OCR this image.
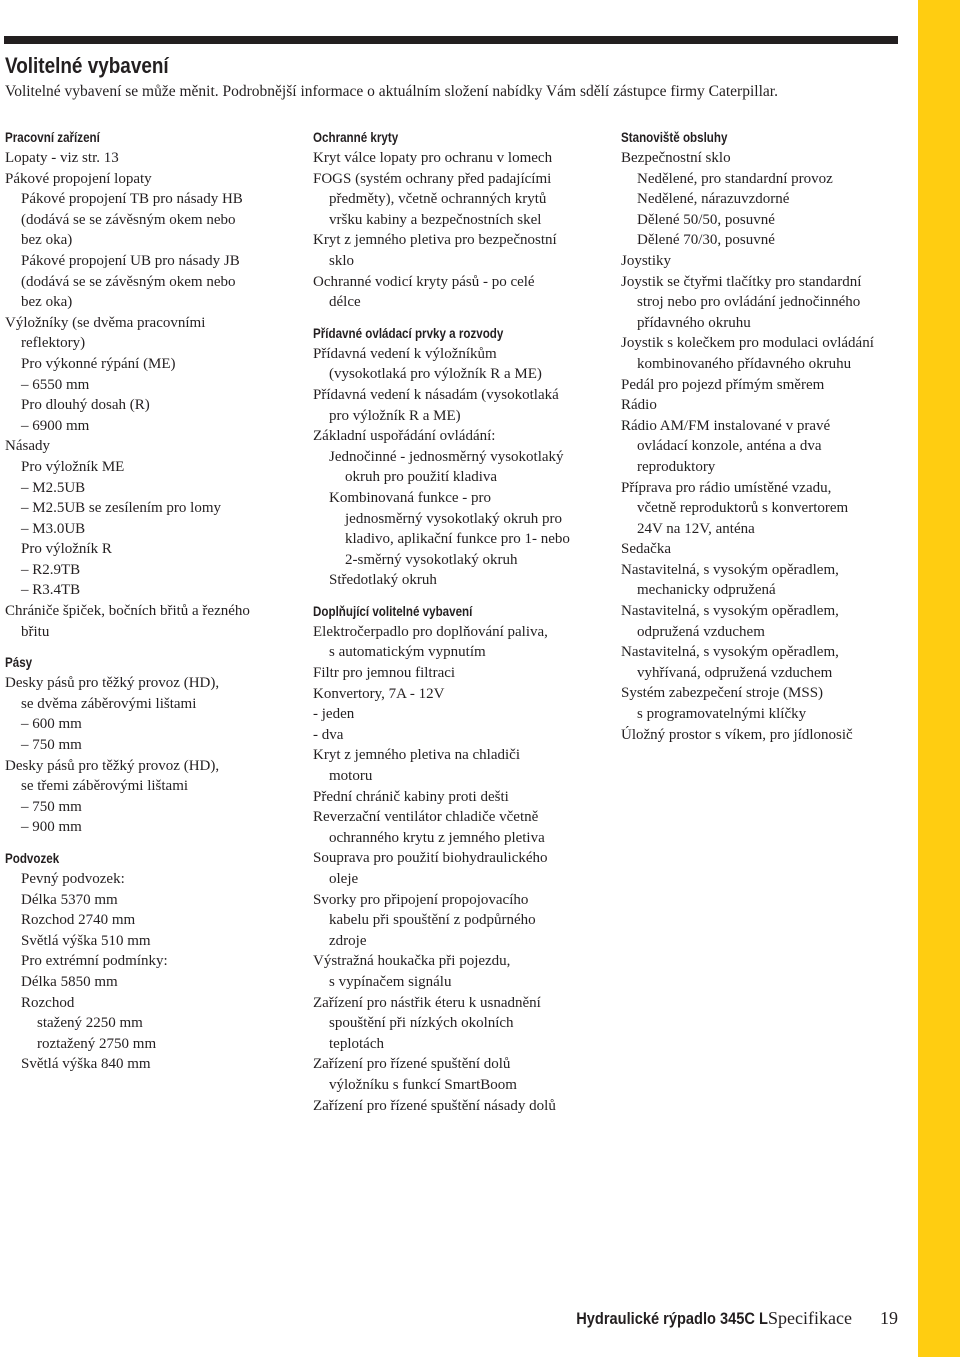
Volitelné vybavení
Volitelné vybavení se může měnit. Podrobnější informace o aktuálním složení nabídky Vám sdělí zástupce firmy Caterpillar.
Pracovní zařízení
Lopaty - viz str. 13
Pákové propojení lopaty
Pákové propojení TB pro násady HB
(dodává se se závěsným okem nebo
bez oka)
Pákové propojení UB pro násady JB
(dodává se se závěsným okem nebo
bez oka)
Výložníky (se dvěma pracovními
reflektory)
Pro výkonné rýpání (ME)
– 6550 mm
Pro dlouhý dosah (R)
– 6900 mm
Násady
Pro výložník ME
– M2.5UB
– M2.5UB se zesílením pro lomy
– M3.0UB
Pro výložník R
– R2.9TB
– R3.4TB
Chrániče špiček, bočních břitů a řezného
břitu
Pásy
Desky pásů pro těžký provoz (HD),
se dvěma záběrovými lištami
– 600 mm
– 750 mm
Desky pásů pro těžký provoz (HD),
se třemi záběrovými lištami
– 750 mm
– 900 mm
Podvozek
Pevný podvozek:
Délka 5370 mm
Rozchod 2740 mm
Světlá výška 510 mm
Pro extrémní podmínky:
Délka 5850 mm
Rozchod
stažený 2250 mm
roztažený 2750 mm
Světlá výška 840 mm
Ochranné kryty
Kryt válce lopaty pro ochranu v lomech
FOGS (systém ochrany před padajícími
předměty), včetně ochranných krytů
vršku kabiny a bezpečnostních skel
Kryt z jemného pletiva pro bezpečnostní
sklo
Ochranné vodicí kryty pásů - po celé
délce
Přídavné ovládací prvky a rozvody
Přídavná vedení k výložníkům
(vysokotlaká pro výložník R a ME)
Přídavná vedení k násadám (vysokotlaká
pro výložník R a ME)
Základní uspořádání ovládání:
Jednočinné - jednosměrný vysokotlaký
okruh pro použití kladiva
Kombinovaná funkce - pro
jednosměrný vysokotlaký okruh pro
kladivo, aplikační funkce pro 1- nebo
2-směrný vysokotlaký okruh
Středotlaký okruh
Doplňující volitelné vybavení
Elektročerpadlo pro doplňování paliva,
s automatickým vypnutím
Filtr pro jemnou filtraci
Konvertory, 7A - 12V
- jeden
- dva
Kryt z jemného pletiva na chladiči
motoru
Přední chránič kabiny proti dešti
Reverzační ventilátor chladiče včetně
ochranného krytu z jemného pletiva
Souprava pro použití biohydraulického
oleje
Svorky pro připojení propojovacího
kabelu při spouštění z podpůrného
zdroje
Výstražná houkačka při pojezdu,
s vypínačem signálu
Zařízení pro nástřik éteru k usnadnění
spouštění při nízkých okolních
teplotách
Zařízení pro řízené spuštění dolů
výložníku s funkcí SmartBoom
Zařízení pro řízené spuštění násady dolů
Stanoviště obsluhy
Bezpečnostní sklo
Nedělené, pro standardní provoz
Nedělené, nárazuvzdorné
Dělené 50/50, posuvné
Dělené 70/30, posuvné
Joystiky
Joystik se čtyřmi tlačítky pro standardní
stroj nebo pro ovládání jednočinného
přídavného okruhu
Joystik s kolečkem pro modulaci ovládání
kombinovaného přídavného okruhu
Pedál pro pojezd přímým směrem
Rádio
Rádio AM/FM instalované v pravé
ovládací konzole, anténa a dva
reproduktory
Příprava pro rádio umístěné vzadu,
včetně reproduktorů s konvertorem
24V na 12V, anténa
Sedačka
Nastavitelná, s vysokým opěradlem,
mechanicky odpružená
Nastavitelná, s vysokým opěradlem,
odpružená vzduchem
Nastavitelná, s vysokým opěradlem,
vyhřívaná, odpružená vzduchem
Systém zabezpečení stroje (MSS)
s programovatelnými klíčky
Úložný prostor s víkem, pro jídlonosič
Hydraulické rýpadlo 345C L Specifikace 19
